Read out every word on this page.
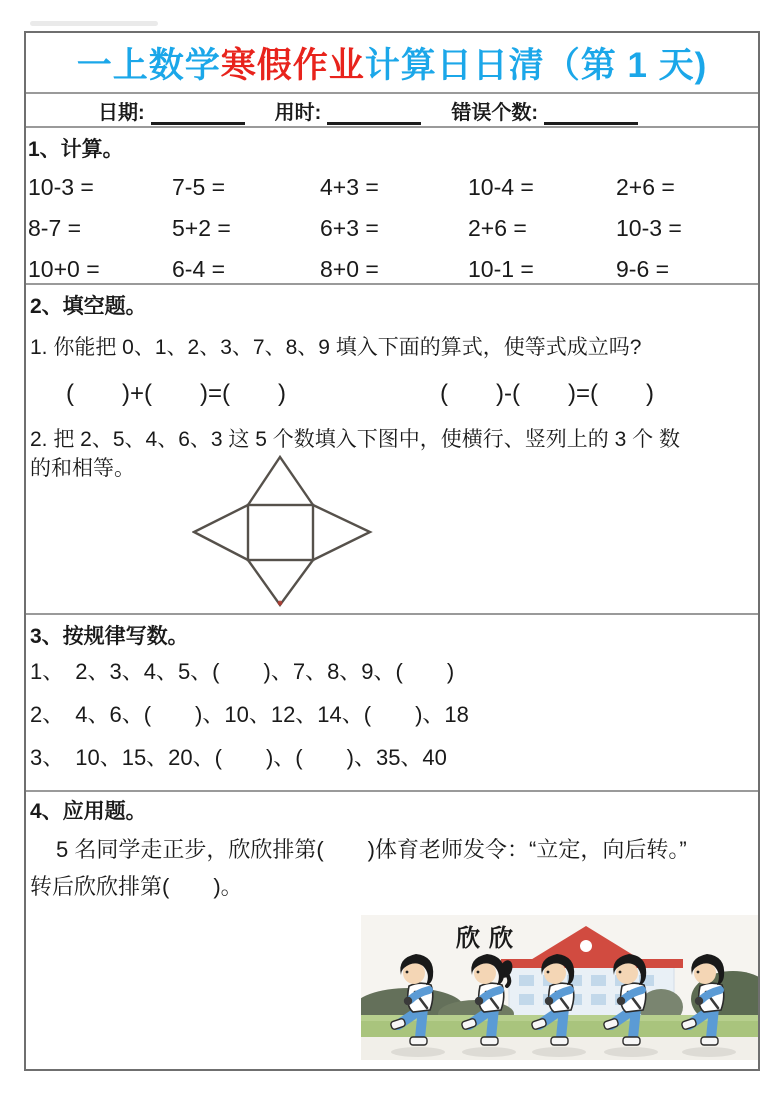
一上数学寒假作业计算日日清（第 1 天)
日期:	用时:	错误个数:
1、计算。
10-3 =	7-5 =	4+3 =	10-4 =	2+6 =
8-7 =	5+2 =	6+3 =	2+6 =	10-3 =
10+0 =	6-4 =	8+0 =	10-1 =	9-6 =
2、填空题。
1. 你能把 0、1、2、3、7、8、9 填入下面的算式，使等式成立吗?
(　　)+(　　)=(　　)	(　　)-(　　)=(　　)
2. 把 2、5、4、6、3 这 5 个数填入下图中，使横行、竖列上的 3 个 数
的和相等。
3、按规律写数。
1、　2、3、4、5、(　　)、7、8、9、(　　)
2、　4、6、(　　)、10、12、14、(　　)、18
3、　10、15、20、(　　)、(　　)、35、40
4、应用题。
5 名同学走正步，欣欣排第(　　)体育老师发令：“立定，向后转。”
转后欣欣排第(　　)。
欣欣
